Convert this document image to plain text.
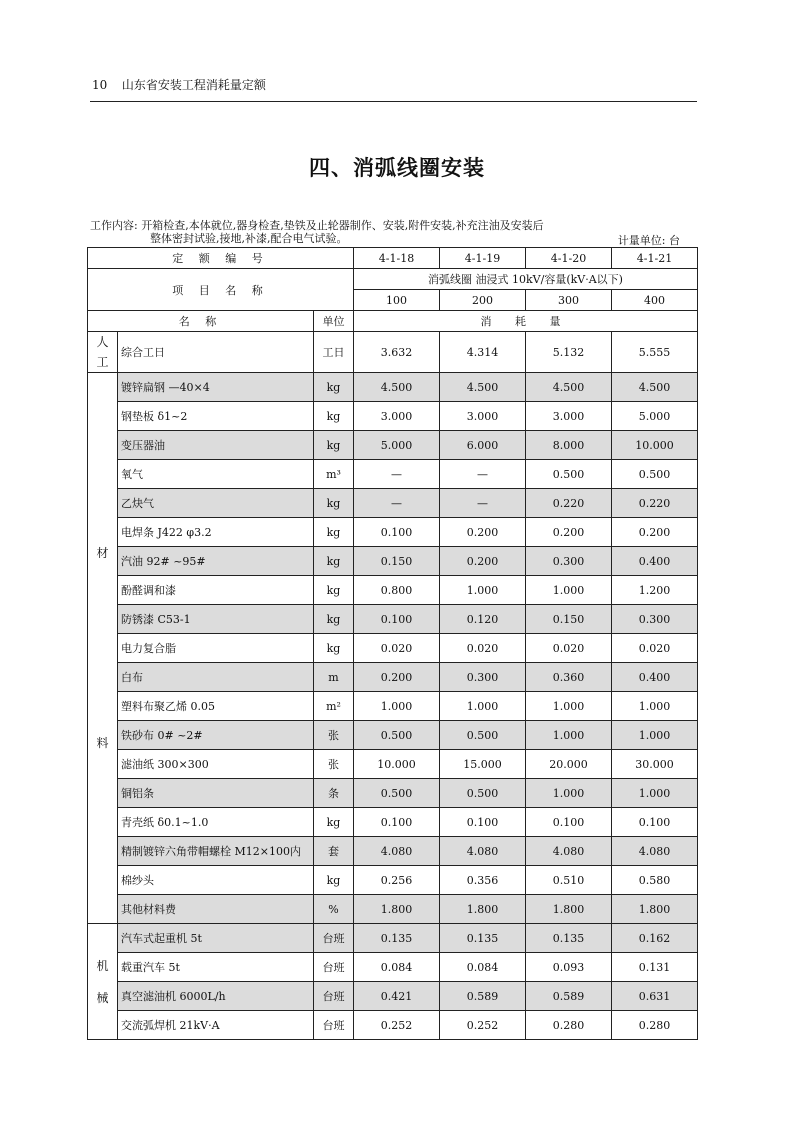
10 山东省安装工程消耗量定额
四、消弧线圈安装
工作内容: 开箱检查,本体就位,器身检查,垫铁及止轮器制作、安装,附件安装,补充注油及安装后
整体密封试验,接地,补漆,配合电气试验。	计量单位: 台
定 额 编 号			4-1-18	4-1-19	4-1-20	4-1-21
项 目 名 称			消弧线圈 油浸式 10kV/容量(kV·A以下)			
			100	200	300	400
名 称		单位	消 耗 量			
人工	综合工日	工日	3.632	4.314	5.132	5.555

材
料	镀锌扁钢 —40×4	kg	4.500	4.500	4.500	4.500
	钢垫板 δ1~2	kg	3.000	3.000	3.000	5.000
	变压器油	kg	5.000	6.000	8.000	10.000
	氧气	m³	—	—	0.500	0.500
	乙炔气	kg	—	—	0.220	0.220
	电焊条 J422 φ3.2	kg	0.100	0.200	0.200	0.200
	汽油 92# ~95#	kg	0.150	0.200	0.300	0.400
	酚醛调和漆	kg	0.800	1.000	1.000	1.200
	防锈漆 C53-1	kg	0.100	0.120	0.150	0.300
	电力复合脂	kg	0.020	0.020	0.020	0.020
	白布	m	0.200	0.300	0.360	0.400
	塑料布聚乙烯 0.05	m²	1.000	1.000	1.000	1.000
	铁砂布 0# ~2#	张	0.500	0.500	1.000	1.000
	滤油纸 300×300	张	10.000	15.000	20.000	30.000
	铜铝条	条	0.500	0.500	1.000	1.000
	青壳纸 δ0.1~1.0	kg	0.100	0.100	0.100	0.100
	精制镀锌六角带帽螺栓 M12×100内	套	4.080	4.080	4.080	4.080
	棉纱头	kg	0.256	0.356	0.510	0.580
	其他材料费	%	1.800	1.800	1.800	1.800

机
械	汽车式起重机 5t	台班	0.135	0.135	0.135	0.162
	载重汽车 5t	台班	0.084	0.084	0.093	0.131
	真空滤油机 6000L/h	台班	0.421	0.589	0.589	0.631
	交流弧焊机 21kV·A	台班	0.252	0.252	0.280	0.280
